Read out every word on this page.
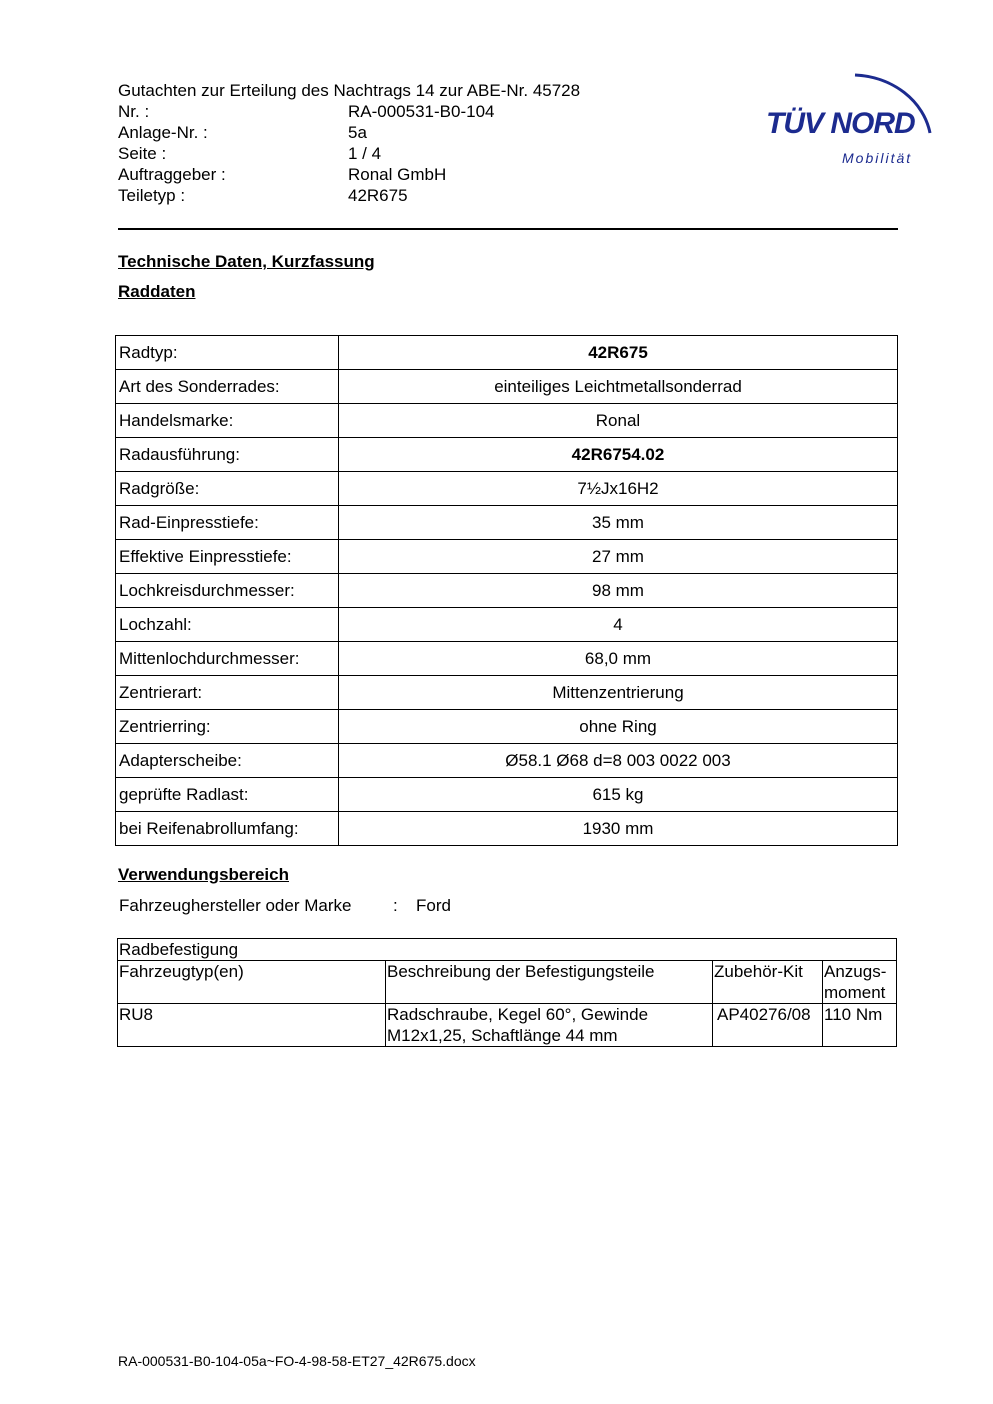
Gutachten zur Erteilung des Nachtrags 14 zur ABE-Nr. 45728
Nr. :	RA-000531-B0-104
Anlage-Nr. :	5a
Seite :	1 / 4
Auftraggeber :	Ronal GmbH
Teiletyp :	42R675
TÜV NORD
Mobilität
Technische Daten, Kurzfassung
Raddaten
Radtyp:	42R675
Art des Sonderrades:	einteiliges Leichtmetallsonderrad
Handelsmarke:	Ronal
Radausführung:	42R6754.02
Radgröße:	7½Jx16H2
Rad-Einpresstiefe:	35 mm
Effektive Einpresstiefe:	27 mm
Lochkreisdurchmesser:	98 mm
Lochzahl:	4
Mittenlochdurchmesser:	68,0 mm
Zentrierart:	Mittenzentrierung
Zentrierring:	ohne Ring
Adapterscheibe:	Ø58.1 Ø68 d=8 003 0022 003
geprüfte Radlast:	615 kg
bei Reifenabrollumfang:	1930 mm
Verwendungsbereich
Fahrzeughersteller oder Marke	:	Ford
Radbefestigung			
Fahrzeugtyp(en)	Beschreibung der Befestigungsteile	Zubehör-Kit	Anzugs-moment
RU8	Radschraube, Kegel 60°, Gewinde M12x1,25, Schaftlänge 44 mm	AP40276/08	110 Nm
RA-000531-B0-104-05a~FO-4-98-58-ET27_42R675.docx
